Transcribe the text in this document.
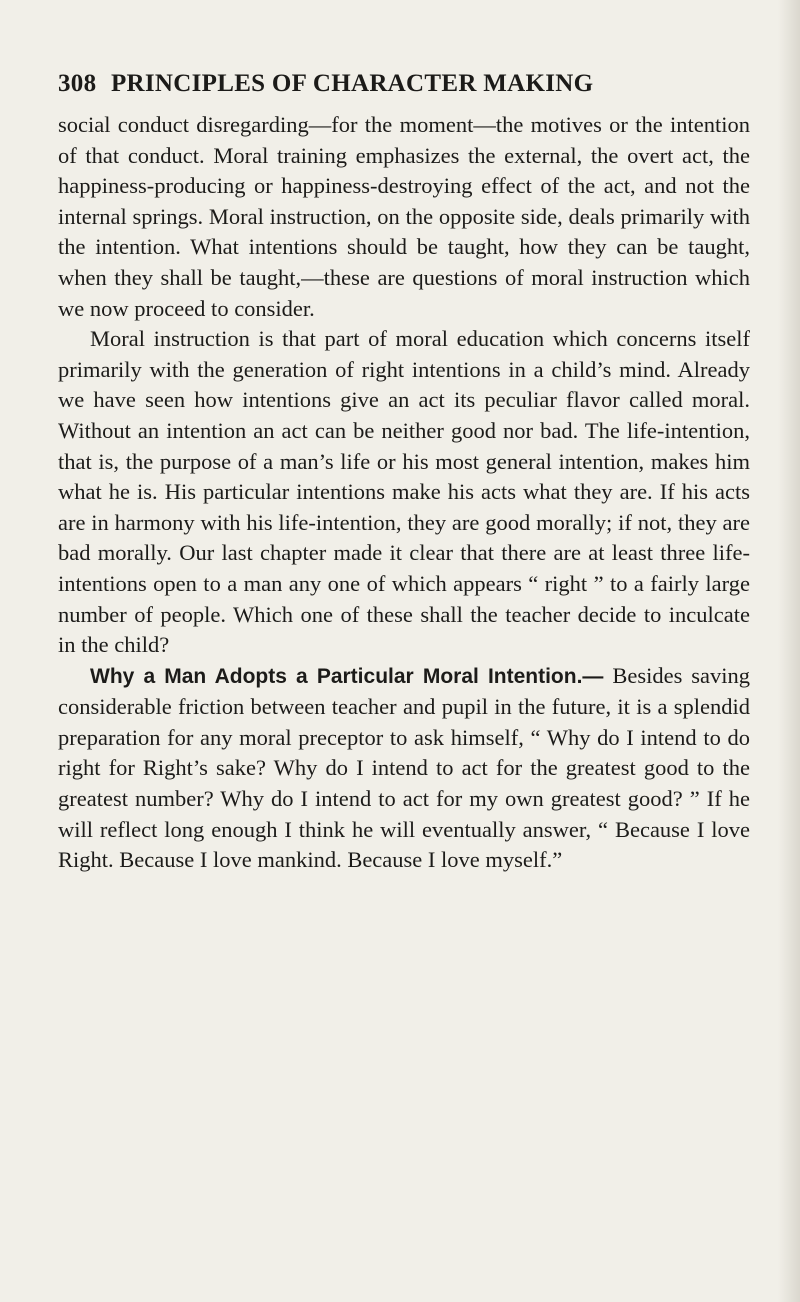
308 PRINCIPLES OF CHARACTER MAKING

social conduct disregarding—for the moment—the motives or the intention of that conduct. Moral training emphasizes the external, the overt act, the happiness-producing or happiness-destroying effect of the act, and not the internal springs. Moral instruction, on the opposite side, deals primarily with the intention. What intentions should be taught, how they can be taught, when they shall be taught,—these are questions of moral instruction which we now proceed to consider.

Moral instruction is that part of moral education which concerns itself primarily with the generation of right intentions in a child’s mind. Already we have seen how intentions give an act its peculiar flavor called moral. Without an intention an act can be neither good nor bad. The life-intention, that is, the purpose of a man’s life or his most general intention, makes him what he is. His particular intentions make his acts what they are. If his acts are in harmony with his life-intention, they are good morally; if not, they are bad morally. Our last chapter made it clear that there are at least three life-intentions open to a man any one of which appears “ right ” to a fairly large number of people. Which one of these shall the teacher decide to inculcate in the child?

Why a Man Adopts a Particular Moral Intention.— Besides saving considerable friction between teacher and pupil in the future, it is a splendid preparation for any moral preceptor to ask himself, “ Why do I intend to do right for Right’s sake? Why do I intend to act for the greatest good to the greatest number? Why do I intend to act for my own greatest good? ” If he will reflect long enough I think he will eventually answer, “ Because I love Right. Because I love mankind. Because I love myself.”
